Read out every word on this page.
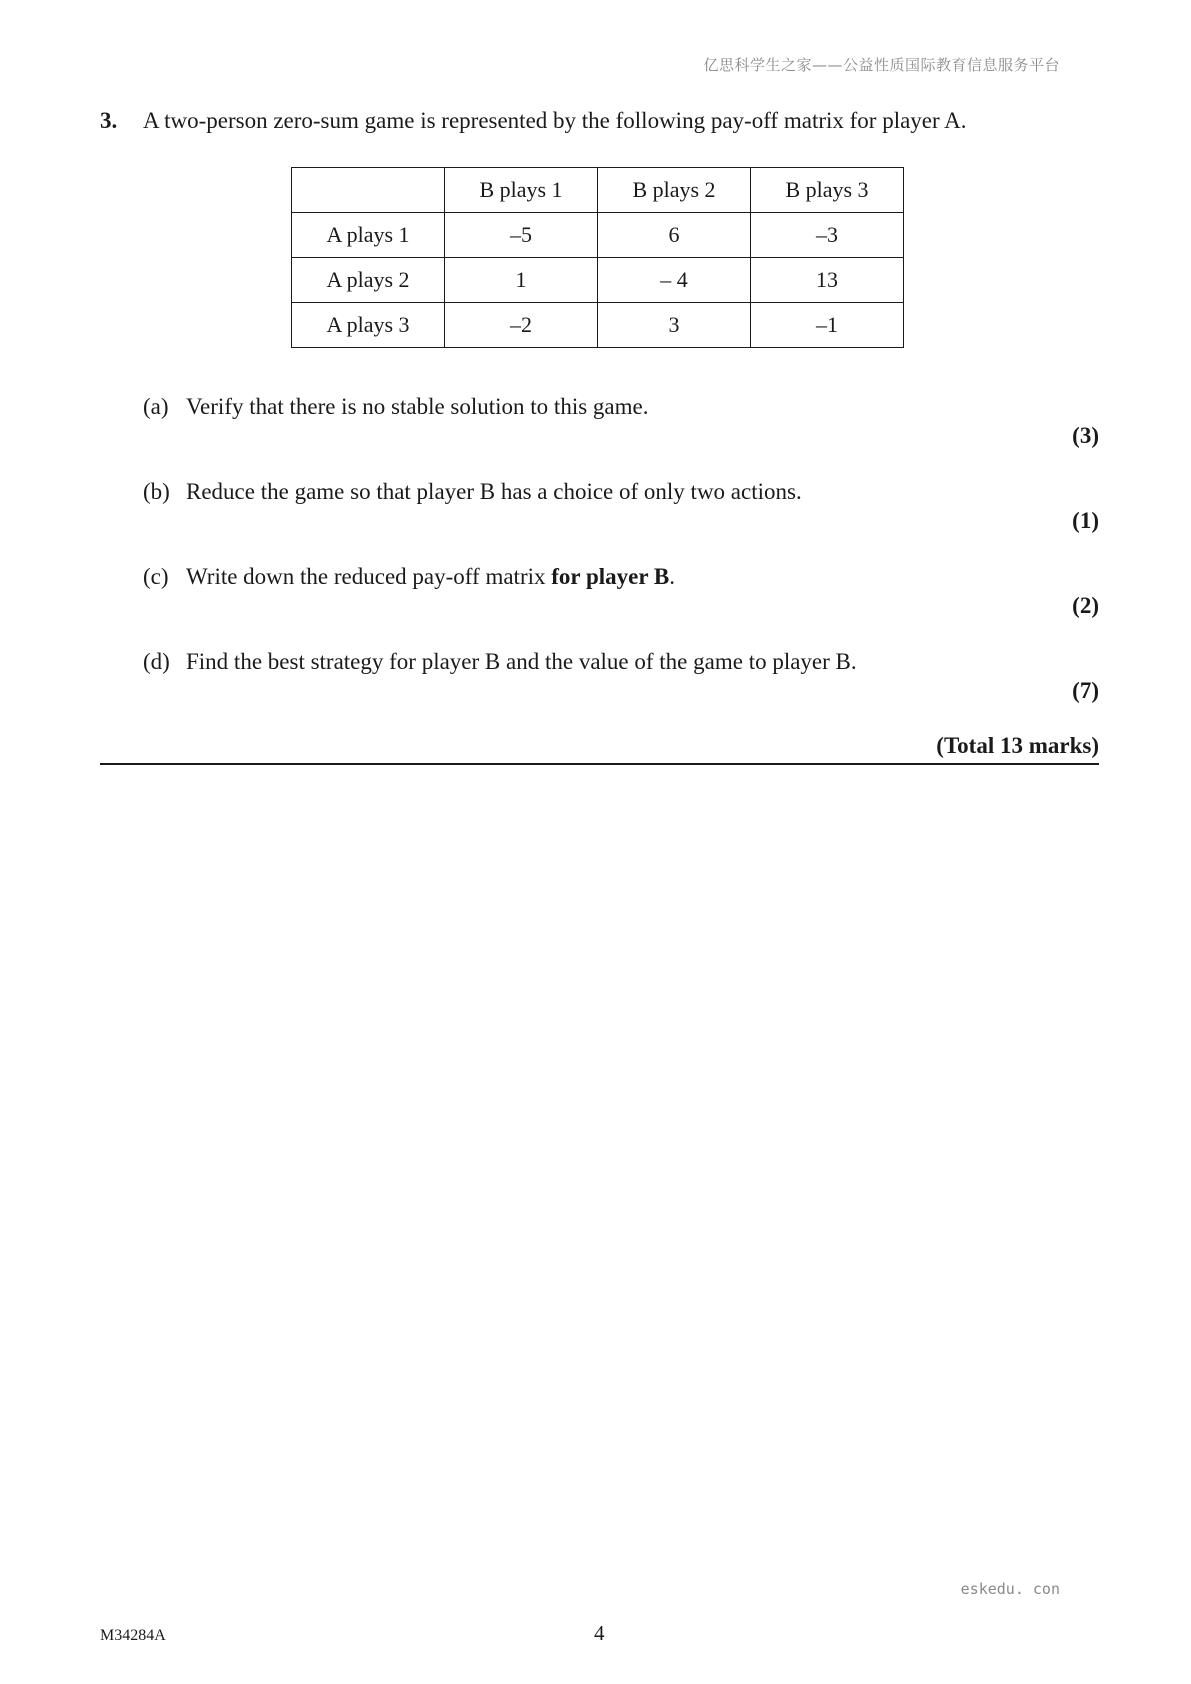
亿思科学生之家——公益性质国际教育信息服务平台
3. A two-person zero-sum game is represented by the following pay-off matrix for player A.
	B plays 1	B plays 2	B plays 3
A plays 1	–5	6	–3
A plays 2	1	– 4	13
A plays 3	–2	3	–1
(a) Verify that there is no stable solution to this game.
(3)
(b) Reduce the game so that player B has a choice of only two actions.
(1)
(c) Write down the reduced pay-off matrix for player B.
(2)
(d) Find the best strategy for player B and the value of the game to player B.
(7)
(Total 13 marks)
eskedu. con
M34284A	4
